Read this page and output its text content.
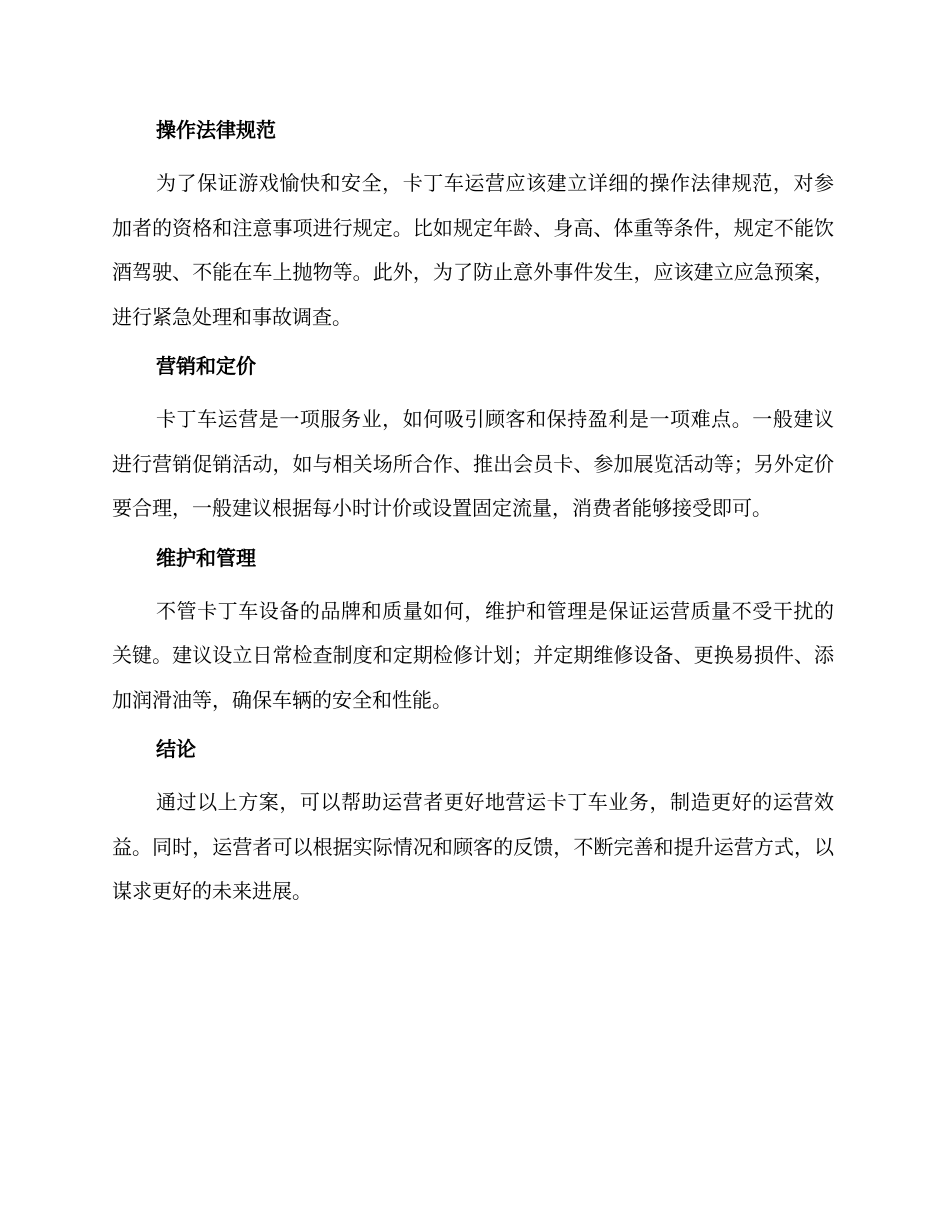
操作法律规范

为了保证游戏愉快和安全，卡丁车运营应该建立详细的操作法律规范，对参加者的资格和注意事项进行规定。比如规定年龄、身高、体重等条件，规定不能饮酒驾驶、不能在车上抛物等。此外，为了防止意外事件发生，应该建立应急预案，进行紧急处理和事故调查。

营销和定价

卡丁车运营是一项服务业，如何吸引顾客和保持盈利是一项难点。一般建议进行营销促销活动，如与相关场所合作、推出会员卡、参加展览活动等；另外定价要合理，一般建议根据每小时计价或设置固定流量，消费者能够接受即可。

维护和管理

不管卡丁车设备的品牌和质量如何，维护和管理是保证运营质量不受干扰的关键。建议设立日常检查制度和定期检修计划；并定期维修设备、更换易损件、添加润滑油等，确保车辆的安全和性能。

结论

通过以上方案，可以帮助运营者更好地营运卡丁车业务，制造更好的运营效益。同时，运营者可以根据实际情况和顾客的反馈，不断完善和提升运营方式，以谋求更好的未来进展。
